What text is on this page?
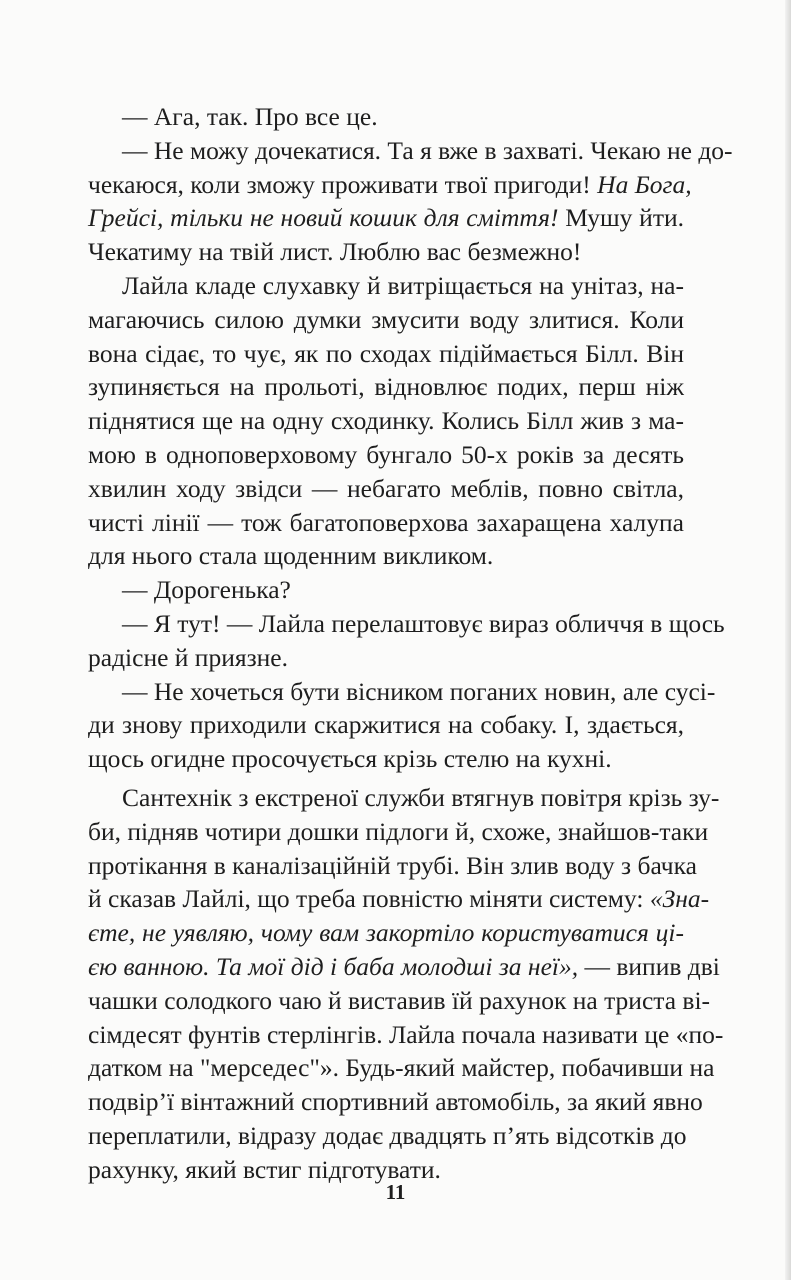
— Ага, так. Про все це.
— Не можу дочекатися. Та я вже в захваті. Чекаю не до-
чекаюся, коли зможу проживати твої пригоди! На Бога,
Грейсі, тільки не новий кошик для сміття! Мушу йти.
Чекатиму на твій лист. Люблю вас безмежно!
Лайла кладе слухавку й витріщається на унітаз, на-
магаючись силою думки змусити воду злитися. Коли
вона сідає, то чує, як по сходах підіймається Білл. Він
зупиняється на прольоті, відновлює подих, перш ніж
піднятися ще на одну сходинку. Колись Білл жив з ма-
мою в одноповерховому бунгало 50-х років за десять
хвилин ходу звідси — небагато меблів, повно світла,
чисті лінії — тож багатоповерхова захаращена халупа
для нього стала щоденним викликом.
— Дорогенька?
— Я тут! — Лайла перелаштовує вираз обличчя в щось
радісне й приязне.
— Не хочеться бути вісником поганих новин, але сусі-
ди знову приходили скаржитися на собаку. І, здається,
щось огидне просочується крізь стелю на кухні.
Сантехнік з екстреної служби втягнув повітря крізь зу-
би, підняв чотири дошки підлоги й, схоже, знайшов-таки
протікання в каналізаційній трубі. Він злив воду з бачка
й сказав Лайлі, що треба повністю міняти систему: «Зна-
єте, не уявляю, чому вам закортіло користуватися ці-
єю ванною. Та мої дід і баба молодші за неї», — випив дві
чашки солодкого чаю й виставив їй рахунок на триста ві-
сімдесят фунтів стерлінгів. Лайла почала називати це «по-
датком на "мерседес"». Будь-який майстер, побачивши на
подвір’ї вінтажний спортивний автомобіль, за який явно
переплатили, відразу додає двадцять п’ять відсотків до
рахунку, який встиг підготувати.
11
